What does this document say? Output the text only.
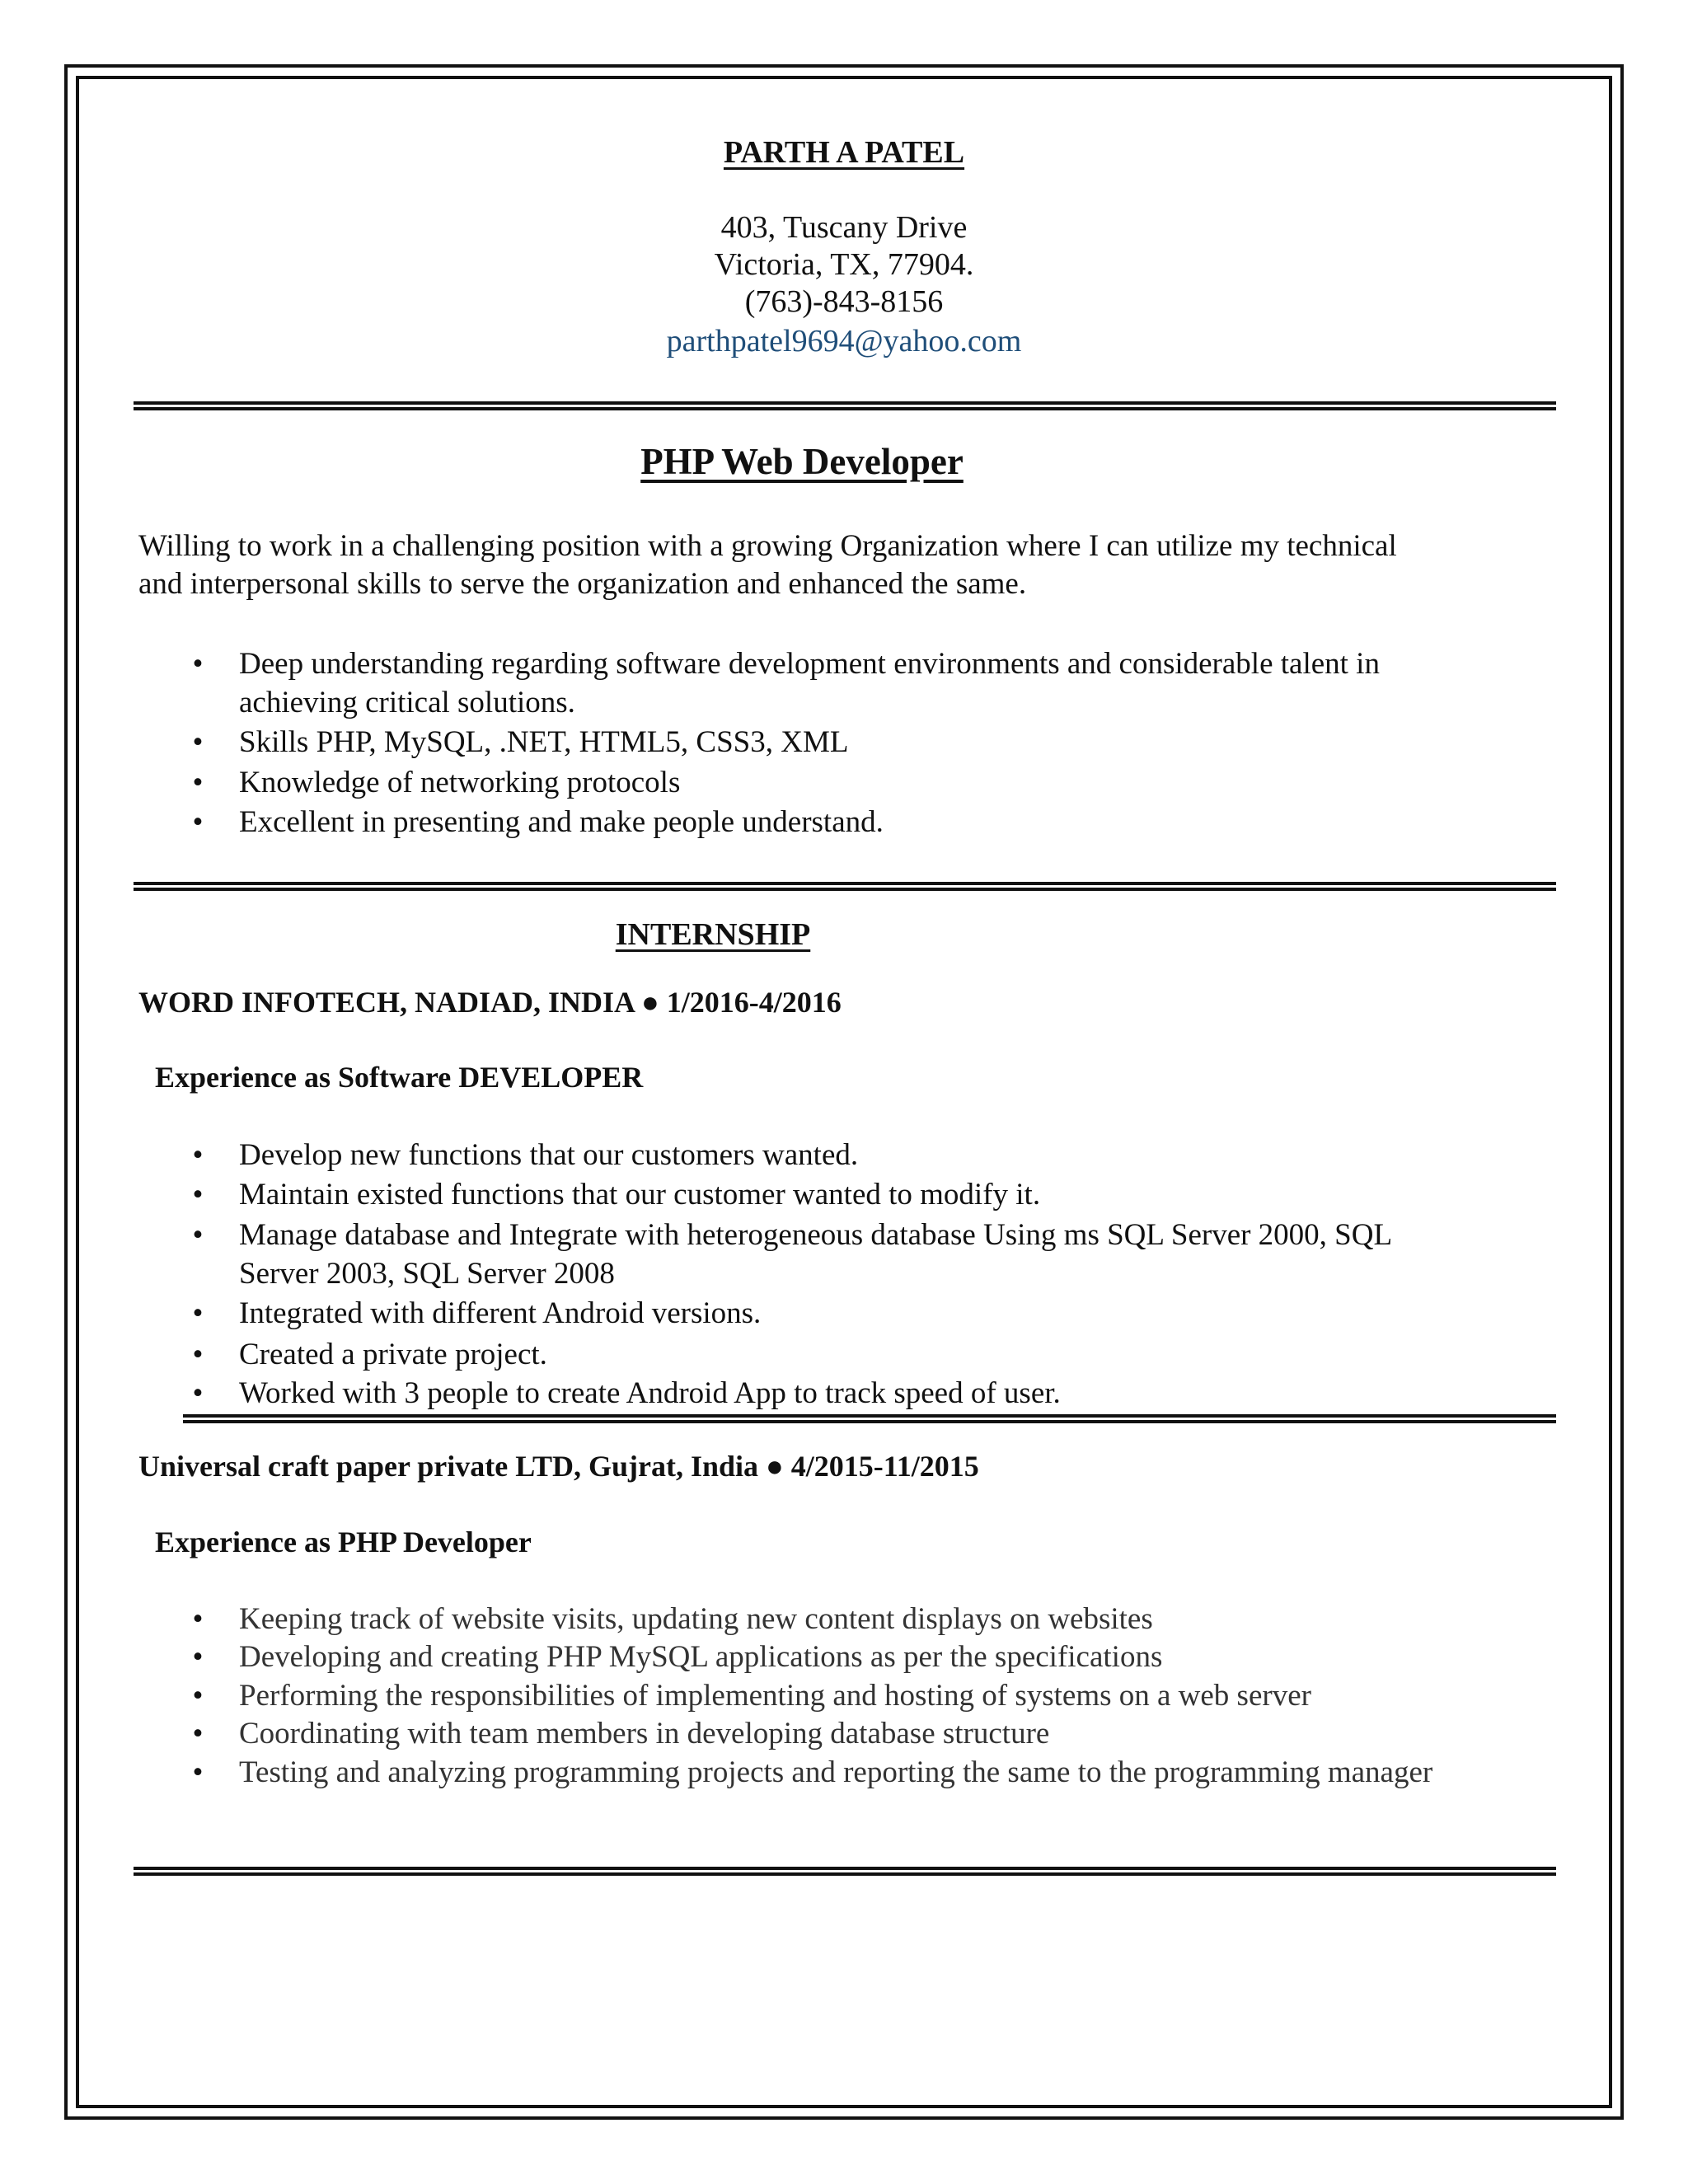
PARTH A PATEL
403, Tuscany Drive
Victoria, TX, 77904.
(763)-843-8156
parthpatel9694@yahoo.com
PHP Web Developer
Willing to work in a challenging position with a growing Organization where I can utilize my technical
and interpersonal skills to serve the organization and enhanced the same.
• Deep understanding regarding software development environments and considerable talent in
achieving critical solutions.
• Skills PHP, MySQL, .NET, HTML5, CSS3, XML
• Knowledge of networking protocols
• Excellent in presenting and make people understand.
INTERNSHIP
WORD INFOTECH, NADIAD, INDIA ● 1/2016-4/2016
Experience as Software DEVELOPER
• Develop new functions that our customers wanted.
• Maintain existed functions that our customer wanted to modify it.
• Manage database and Integrate with heterogeneous database Using ms SQL Server 2000, SQL
Server 2003, SQL Server 2008
• Integrated with different Android versions.
• Created a private project.
• Worked with 3 people to create Android App to track speed of user.
Universal craft paper private LTD, Gujrat, India ● 4/2015-11/2015
Experience as PHP Developer
• Keeping track of website visits, updating new content displays on websites
• Developing and creating PHP MySQL applications as per the specifications
• Performing the responsibilities of implementing and hosting of systems on a web server
• Coordinating with team members in developing database structure
• Testing and analyzing programming projects and reporting the same to the programming manager
